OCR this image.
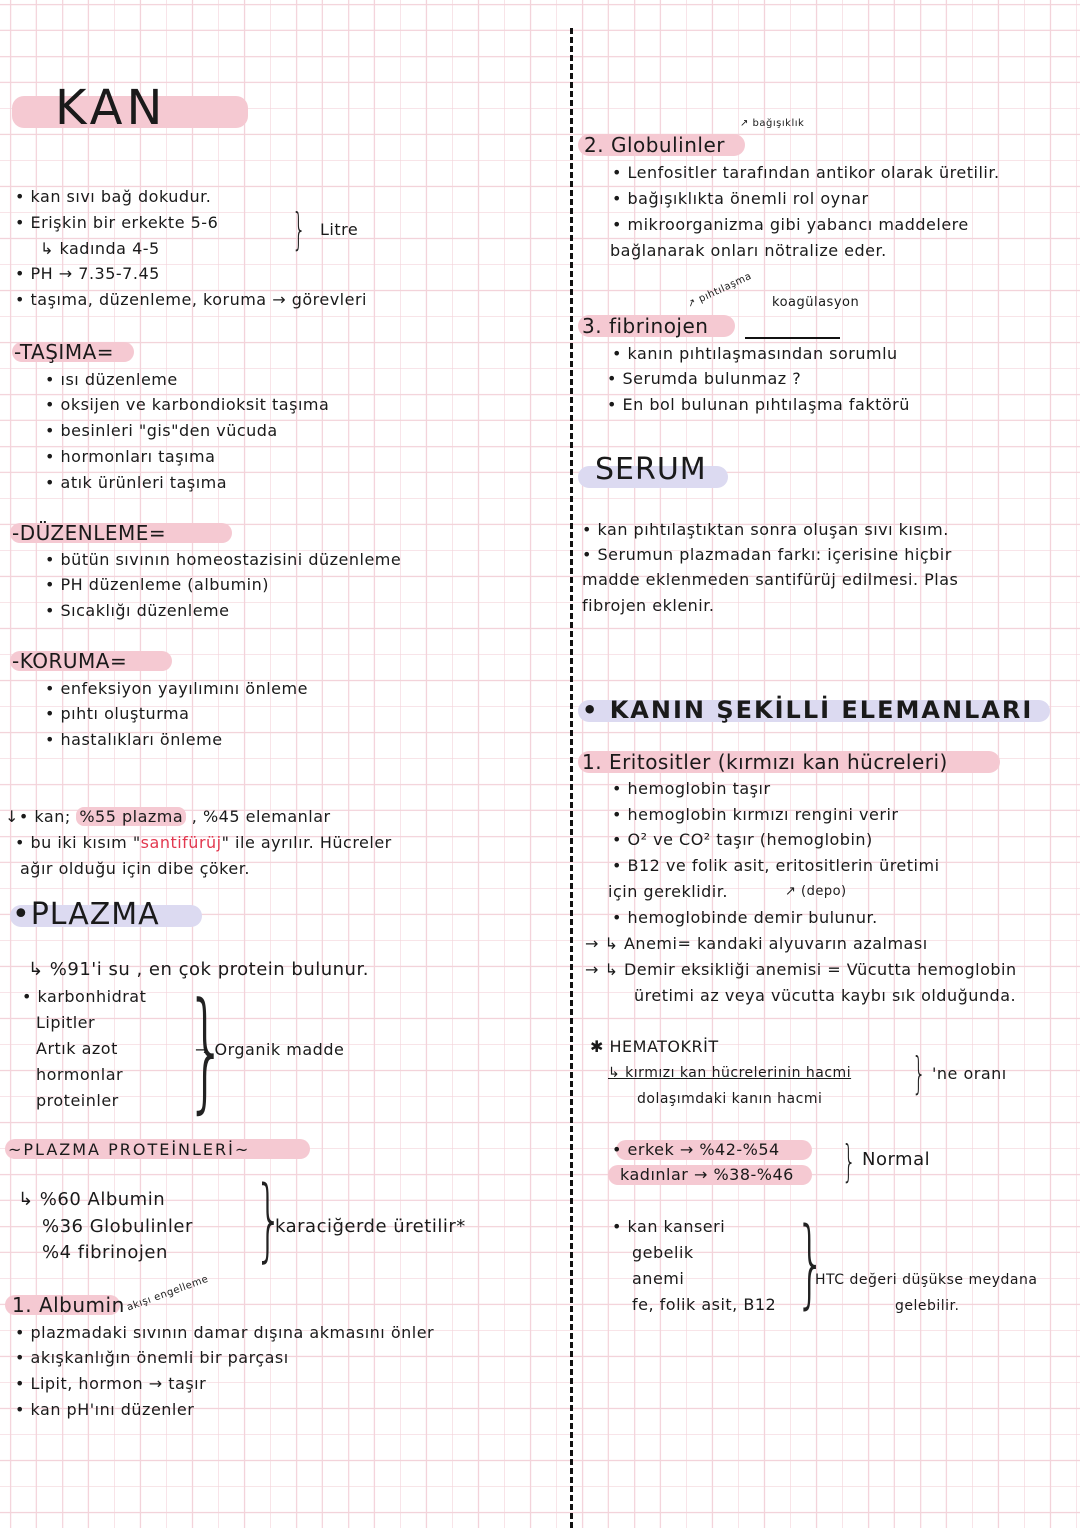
KAN
• kan sıvı bağ dokudur.
• Erişkin bir erkekte 5-6
↳ kadında 4-5	} Litre
• PH → 7.35-7.45
• taşıma, düzenleme, koruma → görevleri
-TAŞIMA=
• ısı düzenleme
• oksijen ve karbondioksit taşıma
• besinleri "gis"den vücuda
• hormonları taşıma
• atık ürünleri taşıma
-DÜZENLEME=
• bütün sıvının homeostazisini düzenleme
• PH düzenleme (albumin)
• Sıcaklığı düzenleme
-KORUMA=
• enfeksiyon yayılımını önleme
• pıhtı oluşturma
• hastalıkları önleme
↓• kan; %55 plazma , %45 elemanlar
• bu iki kısım "santifürüj" ile ayrılır. Hücreler
ağır olduğu için dibe çöker.
•PLAZMA
↳ %91'i su , en çok protein bulunur.
• karbonhidrat
Lipitler
Artık azot
hormonlar
proteinler }
→ Organik madde
~PLAZMA PROTEİNLERİ~
↳ %60 Albumin
%36 Globulinler
%4 fibrinojen }
karaciğerde üretilir*
1. Albumin akışı engelleme
• plazmadaki sıvının damar dışına akmasını önler
• akışkanlığın önemli bir parçası
• Lipit, hormon → taşır
• kan pH'ını düzenler
2. Globulinler
↗ bağışıklık
• Lenfositler tarafından antikor olarak üretilir.
• bağışıklıkta önemli rol oynar
• mikroorganizma gibi yabancı maddelere
bağlanarak onları nötralize eder.
3. fibrinojen
↗ pıhtılaşma koagülasyon
• kanın pıhtılaşmasından sorumlu
• Serumda bulunmaz ?
• En bol bulunan pıhtılaşma faktörü
SERUM
• kan pıhtılaştıktan sonra oluşan sıvı kısım.
• Serumun plazmadan farkı: içerisine hiçbir
madde eklenmeden santifürüj edilmesi. Plas
fibrojen eklenir.
• KANIN ŞEKİLLİ ELEMANLARI
1. Eritositler (kırmızı kan hücreleri)
• hemoglobin taşır
• hemoglobin kırmızı rengini verir
• O² ve CO² taşır (hemoglobin)
• B12 ve folik asit, eritositlerin üretimi
için gereklidir.	↗ (depo)
• hemoglobinde demir bulunur.
→ ↳ Anemi= kandaki alyuvarın azalması
→ ↳ Demir eksikliği anemisi = Vücutta hemoglobin
üretimi az veya vücutta kaybı sık olduğunda.
✱ HEMATOKRİT
↳ kırmızı kan hücrelerinin hacmi
dolaşımdaki kanın hacmi } 'ne oranı
• erkek → %42-%54
kadınlar → %38-%46 } Normal
• kan kanseri
gebelik
anemi
fe, folik asit, B12 }
HTC değeri düşükse meydana
gelebilir.
